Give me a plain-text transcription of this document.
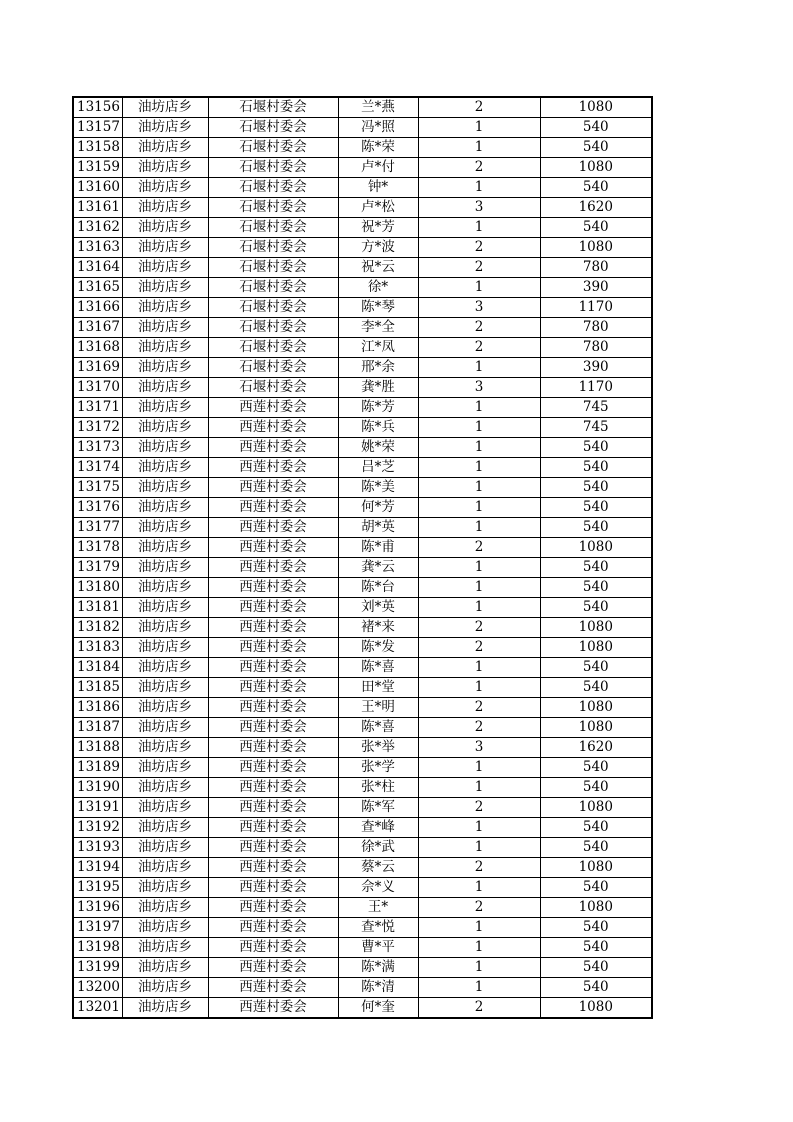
13156	油坊店乡	石堰村委会	兰*燕	2	1080
13157	油坊店乡	石堰村委会	冯*照	1	540
13158	油坊店乡	石堰村委会	陈*荣	1	540
13159	油坊店乡	石堰村委会	卢*付	2	1080
13160	油坊店乡	石堰村委会	钟*	1	540
13161	油坊店乡	石堰村委会	卢*松	3	1620
13162	油坊店乡	石堰村委会	祝*芳	1	540
13163	油坊店乡	石堰村委会	方*波	2	1080
13164	油坊店乡	石堰村委会	祝*云	2	780
13165	油坊店乡	石堰村委会	徐*	1	390
13166	油坊店乡	石堰村委会	陈*琴	3	1170
13167	油坊店乡	石堰村委会	李*全	2	780
13168	油坊店乡	石堰村委会	江*凤	2	780
13169	油坊店乡	石堰村委会	邢*余	1	390
13170	油坊店乡	石堰村委会	龚*胜	3	1170
13171	油坊店乡	西莲村委会	陈*芳	1	745
13172	油坊店乡	西莲村委会	陈*兵	1	745
13173	油坊店乡	西莲村委会	姚*荣	1	540
13174	油坊店乡	西莲村委会	吕*芝	1	540
13175	油坊店乡	西莲村委会	陈*美	1	540
13176	油坊店乡	西莲村委会	何*芳	1	540
13177	油坊店乡	西莲村委会	胡*英	1	540
13178	油坊店乡	西莲村委会	陈*甫	2	1080
13179	油坊店乡	西莲村委会	龚*云	1	540
13180	油坊店乡	西莲村委会	陈*台	1	540
13181	油坊店乡	西莲村委会	刘*英	1	540
13182	油坊店乡	西莲村委会	褚*来	2	1080
13183	油坊店乡	西莲村委会	陈*发	2	1080
13184	油坊店乡	西莲村委会	陈*喜	1	540
13185	油坊店乡	西莲村委会	田*堂	1	540
13186	油坊店乡	西莲村委会	王*明	2	1080
13187	油坊店乡	西莲村委会	陈*喜	2	1080
13188	油坊店乡	西莲村委会	张*举	3	1620
13189	油坊店乡	西莲村委会	张*学	1	540
13190	油坊店乡	西莲村委会	张*柱	1	540
13191	油坊店乡	西莲村委会	陈*军	2	1080
13192	油坊店乡	西莲村委会	查*峰	1	540
13193	油坊店乡	西莲村委会	徐*武	1	540
13194	油坊店乡	西莲村委会	蔡*云	2	1080
13195	油坊店乡	西莲村委会	佘*义	1	540
13196	油坊店乡	西莲村委会	王*	2	1080
13197	油坊店乡	西莲村委会	查*悦	1	540
13198	油坊店乡	西莲村委会	曹*平	1	540
13199	油坊店乡	西莲村委会	陈*满	1	540
13200	油坊店乡	西莲村委会	陈*清	1	540
13201	油坊店乡	西莲村委会	何*奎	2	1080
